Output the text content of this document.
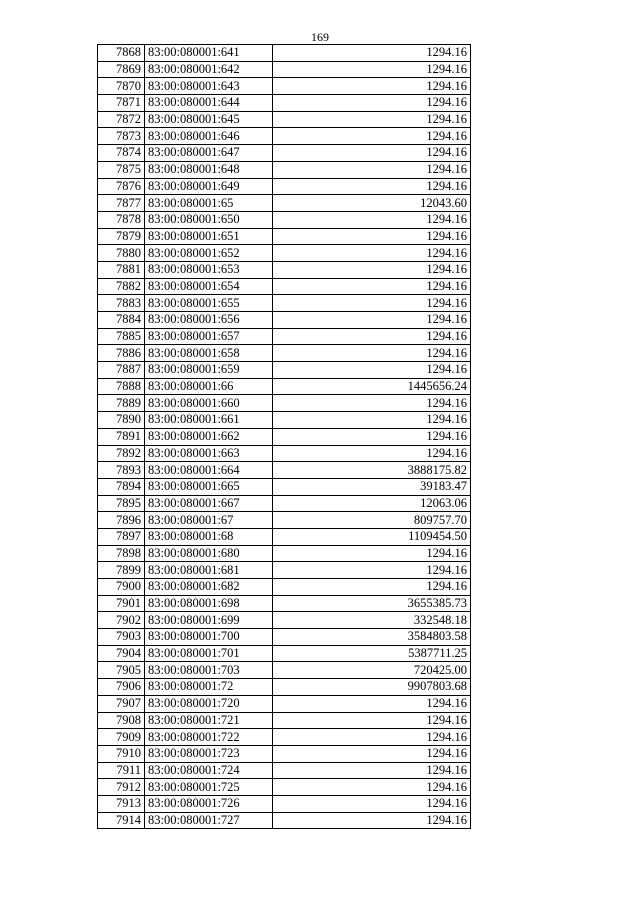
169
7868	83:00:080001:641	1294.16
7869	83:00:080001:642	1294.16
7870	83:00:080001:643	1294.16
7871	83:00:080001:644	1294.16
7872	83:00:080001:645	1294.16
7873	83:00:080001:646	1294.16
7874	83:00:080001:647	1294.16
7875	83:00:080001:648	1294.16
7876	83:00:080001:649	1294.16
7877	83:00:080001:65	12043.60
7878	83:00:080001:650	1294.16
7879	83:00:080001:651	1294.16
7880	83:00:080001:652	1294.16
7881	83:00:080001:653	1294.16
7882	83:00:080001:654	1294.16
7883	83:00:080001:655	1294.16
7884	83:00:080001:656	1294.16
7885	83:00:080001:657	1294.16
7886	83:00:080001:658	1294.16
7887	83:00:080001:659	1294.16
7888	83:00:080001:66	1445656.24
7889	83:00:080001:660	1294.16
7890	83:00:080001:661	1294.16
7891	83:00:080001:662	1294.16
7892	83:00:080001:663	1294.16
7893	83:00:080001:664	3888175.82
7894	83:00:080001:665	39183.47
7895	83:00:080001:667	12063.06
7896	83:00:080001:67	809757.70
7897	83:00:080001:68	1109454.50
7898	83:00:080001:680	1294.16
7899	83:00:080001:681	1294.16
7900	83:00:080001:682	1294.16
7901	83:00:080001:698	3655385.73
7902	83:00:080001:699	332548.18
7903	83:00:080001:700	3584803.58
7904	83:00:080001:701	5387711.25
7905	83:00:080001:703	720425.00
7906	83:00:080001:72	9907803.68
7907	83:00:080001:720	1294.16
7908	83:00:080001:721	1294.16
7909	83:00:080001:722	1294.16
7910	83:00:080001:723	1294.16
7911	83:00:080001:724	1294.16
7912	83:00:080001:725	1294.16
7913	83:00:080001:726	1294.16
7914	83:00:080001:727	1294.16
